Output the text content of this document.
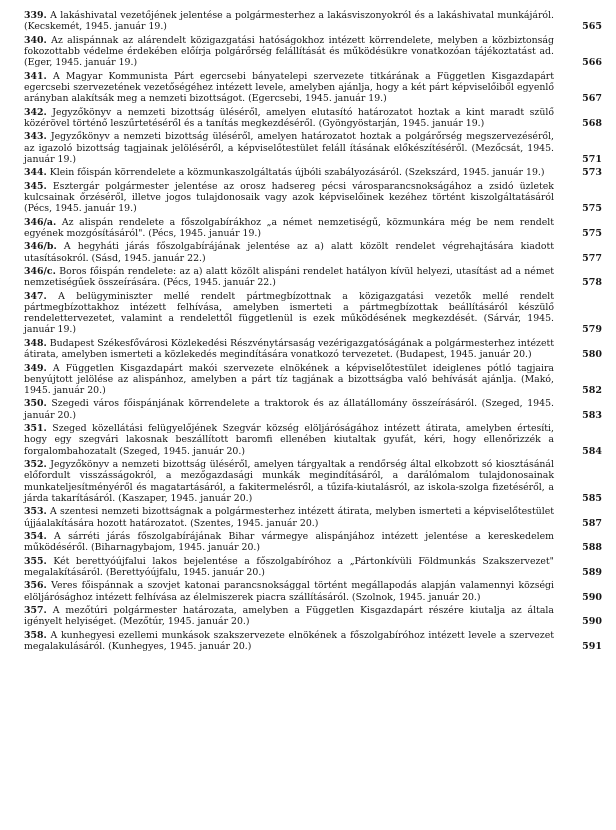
339. A lakáshivatal vezetőjének jelentése a polgármesterhez a lakásviszonyokról és a lakáshivatal munkájáról. (Kecskemét, 1945. január 19.)	565
340. Az alispánnak az alárendelt közigazgatási hatóságokhoz intézett körrendelete, melyben a közbiztonság fokozottabb védelme érdekében előírja polgárőrség felállítását és működésükre vonatkozóan tájékoztatást ad. (Eger, 1945. január 19.)	566
341. A Magyar Kommunista Párt egercsebi bányatelepi szervezete titkárának a Független Kisgazdapárt egercsebi szervezetének vezetőségéhez intézett levele, amelyben ajánlja, hogy a két párt képviselőiből egyenlő arányban alakítsák meg a nemzeti bizottságot. (Egercsebi, 1945. január 19.)	567
342. Jegyzőkönyv a nemzeti bizottság üléséről, amelyen elutasító határozatot hoztak a kint maradt szülő közérövel történő leszűrtetéséről és a tanítás megkezdéséről. (Gyöngyöstarján, 1945. január 19.)	568
343. Jegyzőkönyv a nemzeti bizottság üléséről, amelyen határozatot hoztak a polgárőrség megszervezéséről, az igazoló bizottság tagjainak jelöléséről, a képviselőtestület feláll ításának előkészítéséről. (Mezőcsát, 1945. január 19.)	571
344. Klein főispán körrendelete a közmunkaszolgáltatás újbóli szabályozásáról. (Szekszárd, 1945. január 19.)	573
345. Esztergár polgármester jelentése az orosz hadsereg pécsi városparancsnokságához a zsidó üzletek kulcsainak őrzéséről, illetve jogos tulajdonosaik vagy azok képviselőinek kezéhez történt kiszolgáltatásáról (Pécs, 1945. január 19.)	575
346/a. Az alispán rendelete a főszolgabírákhoz „a német nemzetiségű, közmunkára még be nem rendelt egyének mozgósításáról". (Pécs, 1945. január 19.)	575
346/b. A hegyháti járás főszolgabírájának jelentése az a) alatt közölt rendelet végrehajtására kiadott utasításokról. (Sásd, 1945. január 22.)	577
346/c. Boros főispán rendelete: az a) alatt közölt alispáni rendelet hatályon kívül helyezi, utasítást ad a német nemzetiségűek összeírására. (Pécs, 1945. január 22.)	578
347. A belügyminiszter mellé rendelt pártmegbízottnak a közigazgatási vezetők mellé rendelt pártmegbízottakhoz intézett felhívása, amelyben ismerteti a pártmegbízottak beállításáról készülő rendelettervezetet, valamint a rendelettől függetlenül is ezek működésének megkezdését. (Sárvár, 1945. január 19.)	579
348. Budapest Székesfővárosi Közlekedési Részvénytársaság vezérigazgatóságának a polgármesterhez intézett átirata, amelyben ismerteti a közlekedés megindítására vonatkozó tervezetet. (Budapest, 1945. január 20.)	580
349. A Független Kisgazdapárt makói szervezete elnökének a képviselőtestület ideiglenes pótló tagjaira benyújtott jelölése az alispánhoz, amelyben a párt tíz tagjának a bizottságba való behívását ajánlja. (Makó, 1945. január 20.)	582
350. Szegedi város főispánjának körrendelete a traktorok és az állatállomány összeírásáról. (Szeged, 1945. január 20.)	583
351. Szeged közellátási felügyelőjének Szegvár község elöljáróságához intézett átirata, amelyben értesíti, hogy egy szegvári lakosnak beszállított baromfi ellenében kiutaltak gyufát, kéri, hogy ellenőrizzék a forgalombahozatalt (Szeged, 1945. január 20.)	584
352. Jegyzőkönyv a nemzeti bizottság üléséről, amelyen tárgyaltak a rendőrség által elkobzott só kiosztásánál előfordult visszásságokról, a mezőgazdasági munkák megindításáról, a darálómalom tulajdonosainak munkateljesítményéről és magatartásáról, a fakitermelésről, a tűzifa-kiutalásról, az iskola-szolga fizetéséről, a járda takarításáról. (Kaszaper, 1945. január 20.)	585
353. A szentesi nemzeti bizottságnak a polgármesterhez intézett átirata, melyben ismerteti a képviselőtestület újjáalakítására hozott határozatot. (Szentes, 1945. január 20.)	587
354. A sárréti járás főszolgabírájának Bihar vármegye alispánjához intézett jelentése a kereskedelem működéséről. (Biharnagybajom, 1945. január 20.)	588
355. Két berettyóújfalui lakos bejelentése a főszolgabíróhoz a „Pártonkívüli Földmunkás Szakszervezet" megalakításáról. (Berettyóújfalu, 1945. január 20.)	589
356. Veres főispánnak a szovjet katonai parancsnoksággal történt megállapodás alapján valamennyi községi elöljárósághoz intézett felhívása az élelmiszerek piacra szállításáról. (Szolnok, 1945. január 20.)	590
357. A mezőtúri polgármester határozata, amelyben a Független Kisgazdapárt részére kiutalja az általa igényelt helyiséget. (Mezőtúr, 1945. január 20.)	590
358. A kunhegyesi ezellemi munkások szakszervezete elnökének a főszolgabíróhoz intézett levele a szervezet megalakulásáról. (Kunhegyes, 1945. január 20.)	591
